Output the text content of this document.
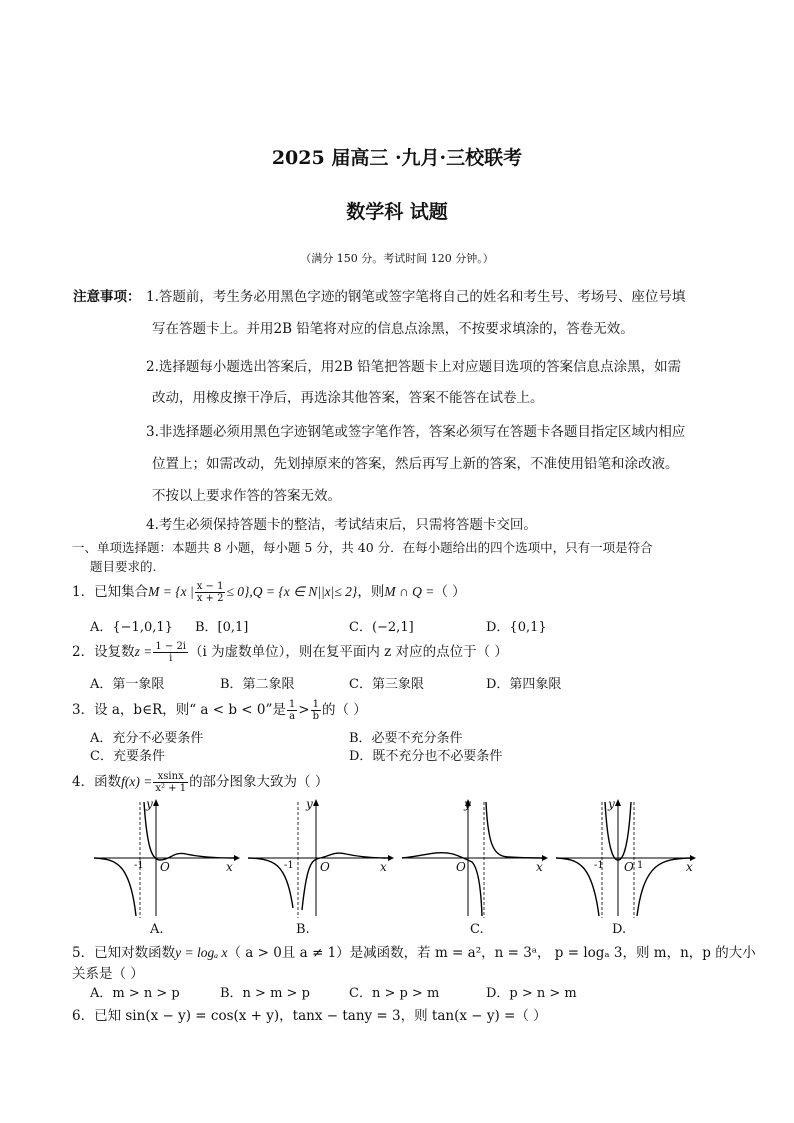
2025 届高三 ·九月·三校联考
数学科 试题
（满分 150 分。考试时间 120 分钟。）
注意事项： 1.答题前，考生务必用黑色字迹的钢笔或签字笔将自己的姓名和考生号、考场号、座位号填
写在答题卡上。并用2B 铅笔将对应的信息点涂黑，不按要求填涂的，答卷无效。
2.选择题每小题选出答案后，用2B 铅笔把答题卡上对应题目选项的答案信息点涂黑，如需
改动，用橡皮擦干净后，再选涂其他答案，答案不能答在试卷上。
3.非选择题必须用黑色字迹钢笔或签字笔作答，答案必须写在答题卡各题目指定区域内相应
位置上；如需改动，先划掉原来的答案，然后再写上新的答案，不准使用铅笔和涂改液。
不按以上要求作答的答案无效。
4.考生必须保持答题卡的整洁，考试结束后，只需将答题卡交回。
一、单项选择题：本题共 8 小题，每小题 5 分，共 40 分．在每小题给出的四个选项中，只有一项是符合
题目要求的.
1．已知集合M = {x | $\frac{x - 1}{x + 2} \le 0\},Q = \{x$ ∈ N||x|≤ 2}，则M ∩ Q =（ ）
A．{−1,0,1} B．[0,1]	C．(−2,1]	D．{0,1}
2．设复数$z = \frac{1 - 2i}{i} (i$ 为虚数单位），则在复平面内 z 对应的点位于（ ）
A．第一象限	B．第二象限	C．第三象限	D．第四象限
3．设 a，b∈R，则“ a < b < 0”是 $\frac{1}{a} > \frac{1}{b}$ 的（ ）
A．充分不必要条件	B．必要不充分条件
C．充要条件	D．既不充分也不必要条件
4．函数$f(x) = \frac{xsinx}{\text{x² + 1}}$ 的部分图象大致为（ ）
y
x
O
-1
A.
y
x
O
-1
B.
y
x
O
C.
y
x
O
-1	1
D.
5．已知对数函数y = logₐ x（ a > 0且 a ≠ 1）是减函数，若 m = a²，n = 3ᵃ， p = logₐ 3，则 m，n，p 的大小
关系是（ ）
A．m > n > p	B．n > m > p	C．n > p > m	D．p > n > m
6．已知 sin(x − y) = cos(x + y)，tanx − tany = 3，则 tan(x − y) =（ ）
